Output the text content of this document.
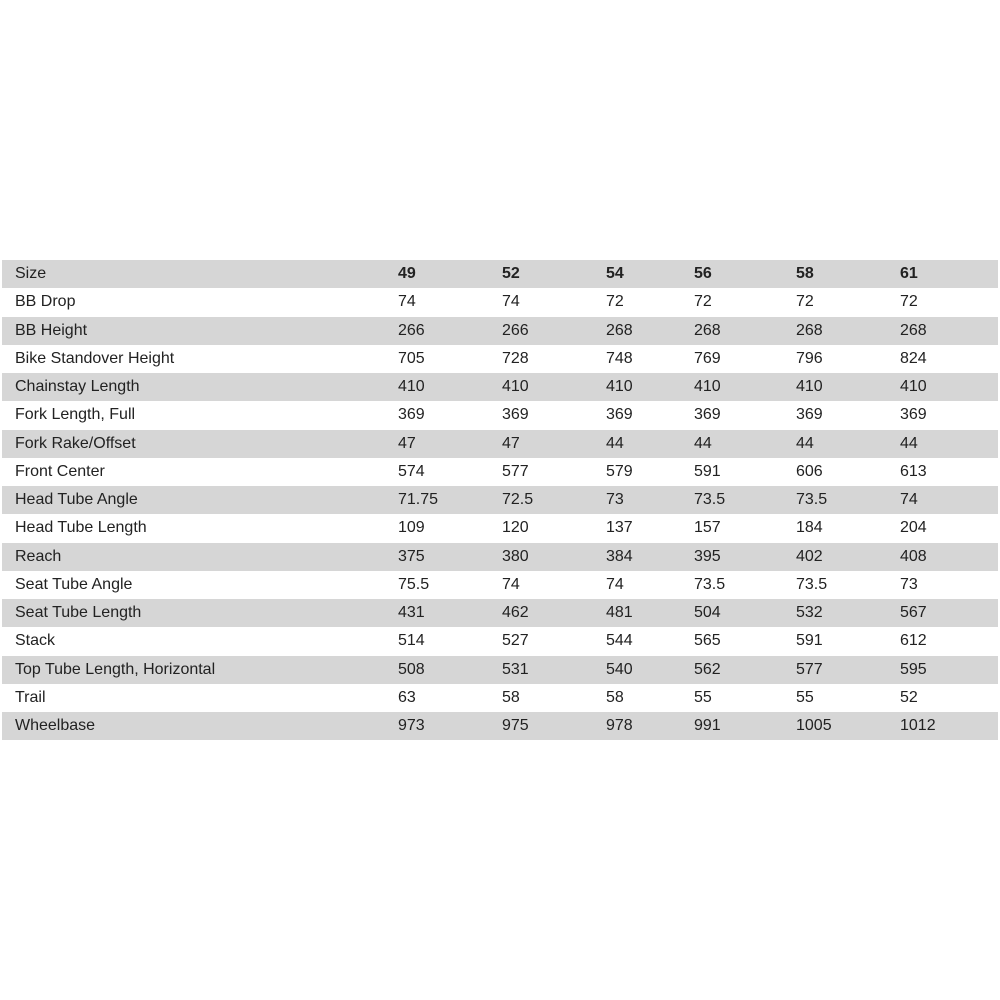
Size	49	52	54	56	58	61
BB Drop	74	74	72	72	72	72
BB Height	266	266	268	268	268	268
Bike Standover Height	705	728	748	769	796	824
Chainstay Length	410	410	410	410	410	410
Fork Length, Full	369	369	369	369	369	369
Fork Rake/Offset	47	47	44	44	44	44
Front Center	574	577	579	591	606	613
Head Tube Angle	71.75	72.5	73	73.5	73.5	74
Head Tube Length	109	120	137	157	184	204
Reach	375	380	384	395	402	408
Seat Tube Angle	75.5	74	74	73.5	73.5	73
Seat Tube Length	431	462	481	504	532	567
Stack	514	527	544	565	591	612
Top Tube Length, Horizontal	508	531	540	562	577	595
Trail	63	58	58	55	55	52
Wheelbase	973	975	978	991	1005	1012
